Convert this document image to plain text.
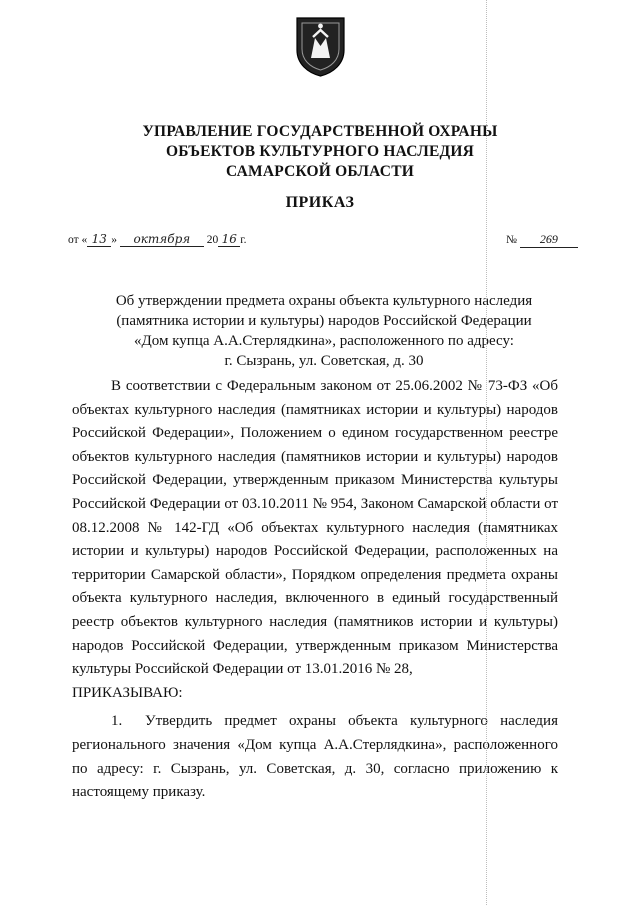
УПРАВЛЕНИЕ ГОСУДАРСТВЕННОЙ ОХРАНЫ
ОБЪЕКТОВ КУЛЬТУРНОГО НАСЛЕДИЯ
САМАРСКОЙ ОБЛАСТИ
ПРИКАЗ
от « 13 » октября 20 16 г.	№ 269
Об утверждении предмета охраны объекта культурного наследия
(памятника истории и культуры) народов Российской Федерации
«Дом купца А.А.Стерлядкина», расположенного по адресу:
г. Сызрань, ул. Советская, д. 30

В соответствии с Федеральным законом от 25.06.2002 № 73-ФЗ «Об объектах культурного наследия (памятниках истории и культуры) народов Российской Федерации», Положением о едином государственном реестре объектов культурного наследия (памятников истории и культуры) народов Российской Федерации, утвержденным приказом Министерства культуры Российской Федерации от 03.10.2011 № 954, Законом Самарской области от 08.12.2008 № 142-ГД «Об объектах культурного наследия (памятниках истории и культуры) народов Российской Федерации, расположенных на территории Самарской области», Порядком определения предмета охраны объекта культурного наследия, включенного в единый государственный реестр объектов культурного наследия (памятников истории и культуры) народов Российской Федерации, утвержденным приказом Министерства культуры Российской Федерации от 13.01.2016 № 28,

ПРИКАЗЫВАЮ:

1. Утвердить предмет охраны объекта культурного наследия регионального значения «Дом купца А.А.Стерлядкина», расположенного по адресу: г. Сызрань, ул. Советская, д. 30, согласно приложению к настоящему приказу.
